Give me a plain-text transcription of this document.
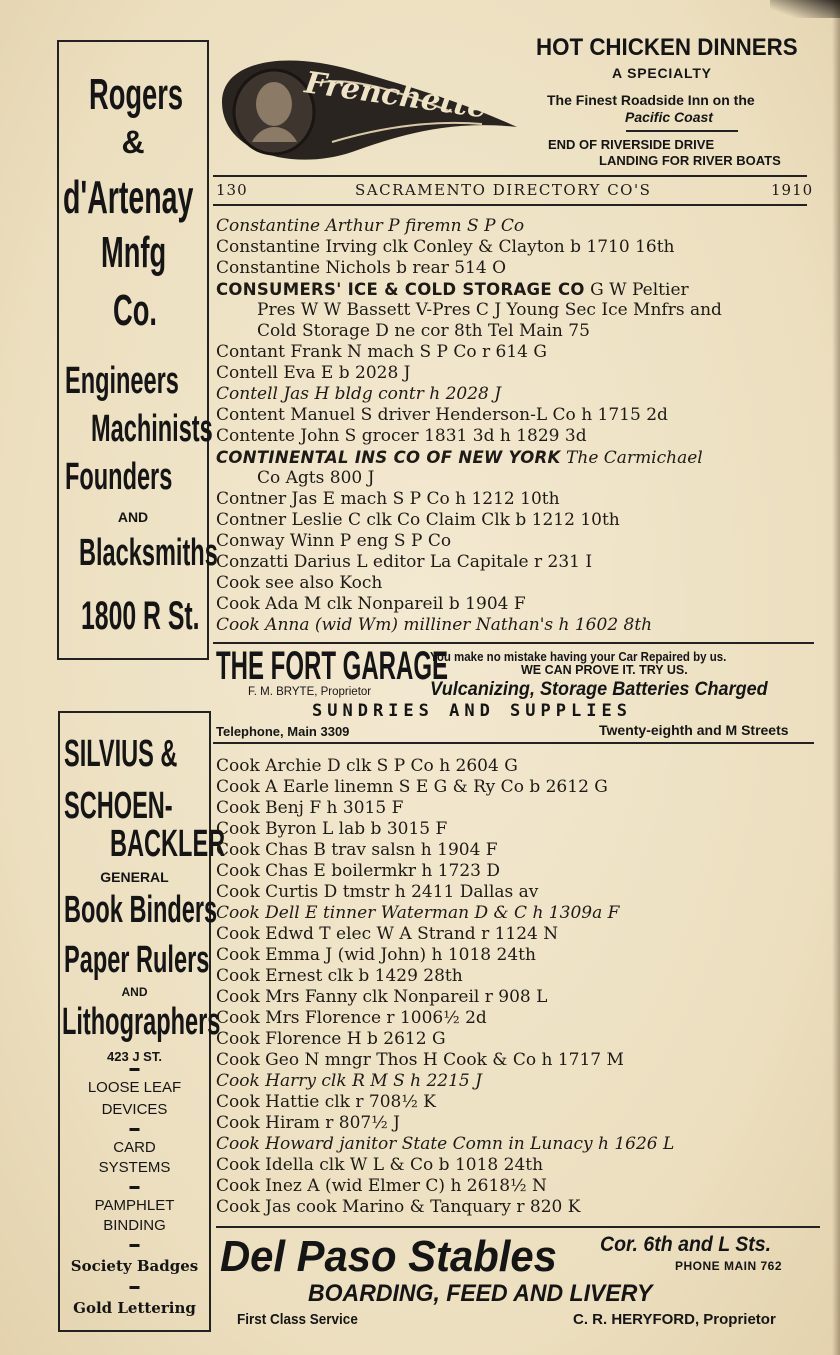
Rogers
&
d'Artenay
Mnfg
Co.
Engineers
Machinists
Founders
AND
Blacksmiths
1800 R St.
SILVIUS &
SCHOEN-
BACKLER
GENERAL
Book Binders
Paper Rulers
AND
Lithographers
423 J ST.
▬
LOOSE LEAF
DEVICES
▬
CARD
SYSTEMS
▬
PAMPHLET
BINDING
▬
Society Badges
▬
Gold Lettering
Frenchette
HOT CHICKEN DINNERS
A SPECIALTY
The Finest Roadside Inn on the
Pacific Coast
END OF RIVERSIDE DRIVE
LANDING FOR RIVER BOATS
130	SACRAMENTO DIRECTORY CO'S	1910
Constantine Arthur P firemn S P Co
Constantine Irving clk Conley & Clayton b 1710 16th
Constantine Nichols b rear 514 O
CONSUMERS' ICE & COLD STORAGE CO G W Peltier
Pres W W Bassett V-Pres C J Young Sec Ice Mnfrs and
Cold Storage D ne cor 8th Tel Main 75
Contant Frank N mach S P Co r 614 G
Contell Eva E b 2028 J
Contell Jas H bldg contr h 2028 J
Content Manuel S driver Henderson-L Co h 1715 2d
Contente John S grocer 1831 3d h 1829 3d
CONTINENTAL INS CO OF NEW YORK The Carmichael
Co Agts 800 J
Contner Jas E mach S P Co h 1212 10th
Contner Leslie C clk Co Claim Clk b 1212 10th
Conway Winn P eng S P Co
Conzatti Darius L editor La Capitale r 231 I
Cook see also Koch
Cook Ada M clk Nonpareil b 1904 F
Cook Anna (wid Wm) milliner Nathan's h 1602 8th
THE FORT GARAGE
You make no mistake having your Car Repaired by us.
WE CAN PROVE IT. TRY US.
F. M. BRYTE, Proprietor	Vulcanizing, Storage Batteries Charged
SUNDRIES AND SUPPLIES
Telephone, Main 3309	Twenty-eighth and M Streets
Cook Archie D clk S P Co h 2604 G
Cook A Earle linemn S E G & Ry Co b 2612 G
Cook Benj F h 3015 F
Cook Byron L lab b 3015 F
Cook Chas B trav salsn h 1904 F
Cook Chas E boilermkr h 1723 D
Cook Curtis D tmstr h 2411 Dallas av
Cook Dell E tinner Waterman D & C h 1309a F
Cook Edwd T elec W A Strand r 1124 N
Cook Emma J (wid John) h 1018 24th
Cook Ernest clk b 1429 28th
Cook Mrs Fanny clk Nonpareil r 908 L
Cook Mrs Florence r 1006½ 2d
Cook Florence H b 2612 G
Cook Geo N mngr Thos H Cook & Co h 1717 M
Cook Harry clk R M S h 2215 J
Cook Hattie clk r 708½ K
Cook Hiram r 807½ J
Cook Howard janitor State Comn in Lunacy h 1626 L
Cook Idella clk W L & Co b 1018 24th
Cook Inez A (wid Elmer C) h 2618½ N
Cook Jas cook Marino & Tanquary r 820 K
Del Paso Stables Cor. 6th and L Sts.
PHONE MAIN 762
BOARDING, FEED AND LIVERY
First Class Service	C. R. HERYFORD, Proprietor
